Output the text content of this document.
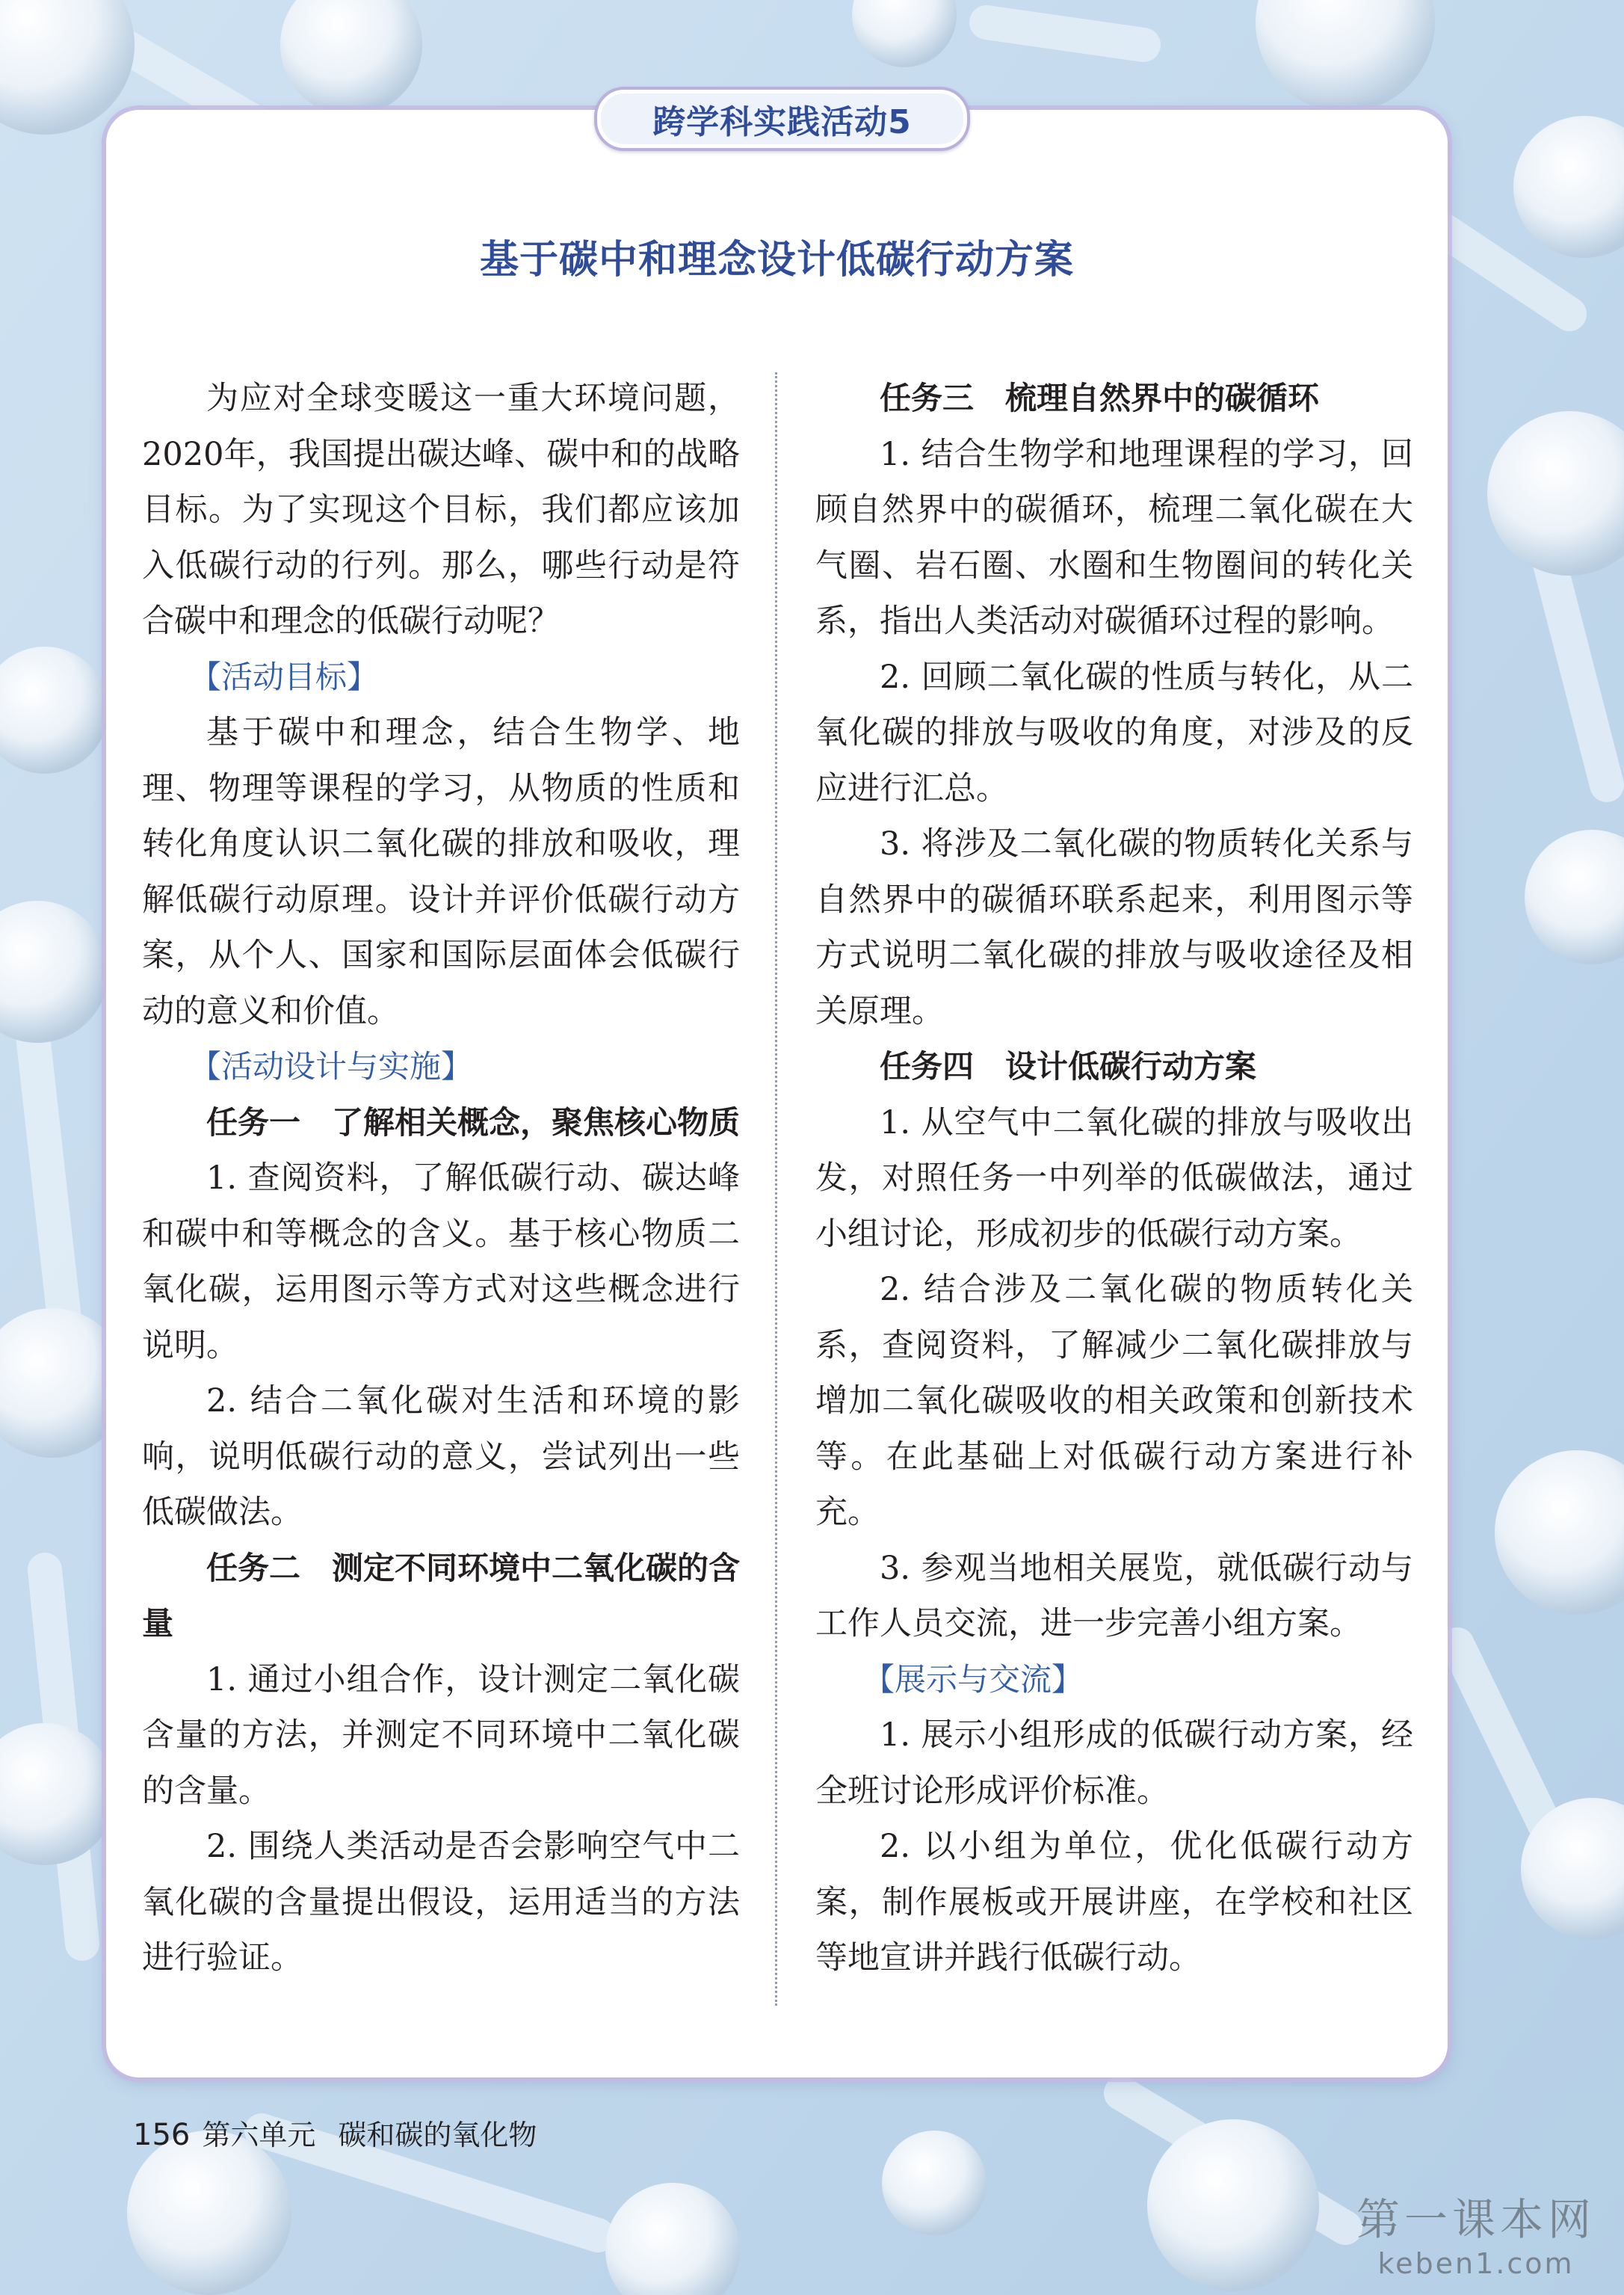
跨学科实践活动5
基于碳中和理念设计低碳行动方案

为应对全球变暖这一重大环境问题，2020年，我国提出碳达峰、碳中和的战略目标。为了实现这个目标，我们都应该加入低碳行动的行列。那么，哪些行动是符合碳中和理念的低碳行动呢？

【活动目标】

基于碳中和理念，结合生物学、地理、物理等课程的学习，从物质的性质和转化角度认识二氧化碳的排放和吸收，理解低碳行动原理。设计并评价低碳行动方案，从个人、国家和国际层面体会低碳行动的意义和价值。

【活动设计与实施】

任务一　了解相关概念，聚焦核心物质

1. 查阅资料，了解低碳行动、碳达峰和碳中和等概念的含义。基于核心物质二氧化碳，运用图示等方式对这些概念进行说明。

2. 结合二氧化碳对生活和环境的影响，说明低碳行动的意义，尝试列出一些低碳做法。

任务二　测定不同环境中二氧化碳的含量

1. 通过小组合作，设计测定二氧化碳含量的方法，并测定不同环境中二氧化碳的含量。

2. 围绕人类活动是否会影响空气中二氧化碳的含量提出假设，运用适当的方法进行验证。

任务三　梳理自然界中的碳循环

1. 结合生物学和地理课程的学习，回顾自然界中的碳循环，梳理二氧化碳在大气圈、岩石圈、水圈和生物圈间的转化关系，指出人类活动对碳循环过程的影响。

2. 回顾二氧化碳的性质与转化，从二氧化碳的排放与吸收的角度，对涉及的反应进行汇总。

3. 将涉及二氧化碳的物质转化关系与自然界中的碳循环联系起来，利用图示等方式说明二氧化碳的排放与吸收途径及相关原理。

任务四　设计低碳行动方案

1. 从空气中二氧化碳的排放与吸收出发，对照任务一中列举的低碳做法，通过小组讨论，形成初步的低碳行动方案。

2. 结合涉及二氧化碳的物质转化关系，查阅资料，了解减少二氧化碳排放与增加二氧化碳吸收的相关政策和创新技术等。在此基础上对低碳行动方案进行补充。

3. 参观当地相关展览，就低碳行动与工作人员交流，进一步完善小组方案。

【展示与交流】

1. 展示小组形成的低碳行动方案，经全班讨论形成评价标准。

2. 以小组为单位，优化低碳行动方案，制作展板或开展讲座，在学校和社区等地宣讲并践行低碳行动。

156 第六单元 碳和碳的氧化物
第一课本网
keben1.com
